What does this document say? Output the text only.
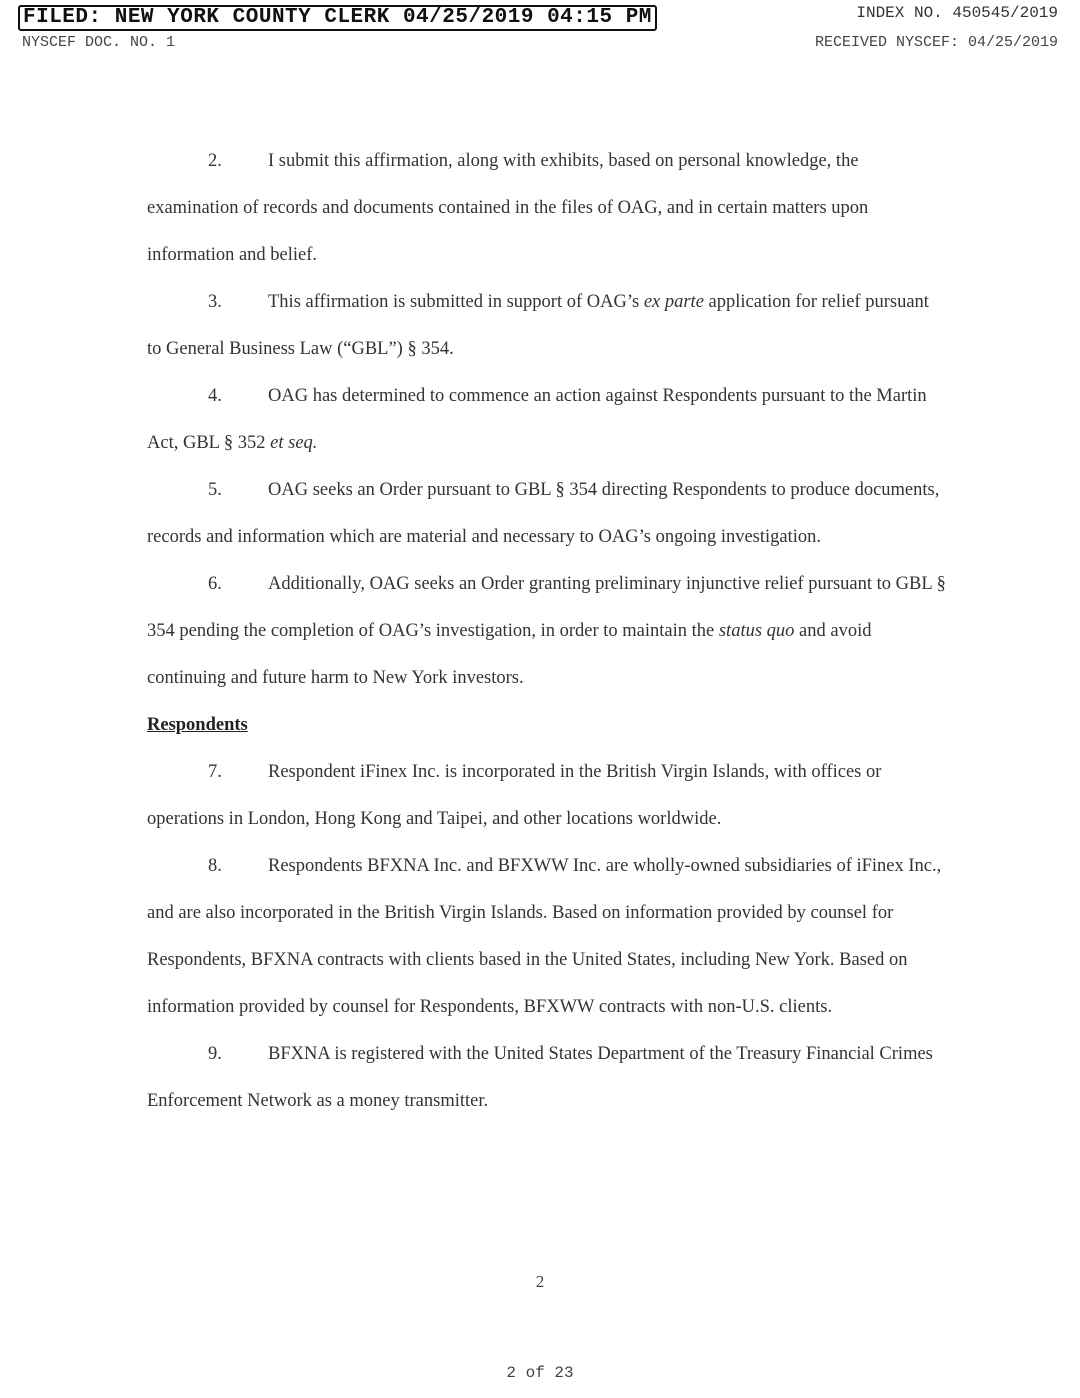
FILED: NEW YORK COUNTY CLERK 04/25/2019 04:15 PM	INDEX NO. 450545/2019
NYSCEF DOC. NO. 1	RECEIVED NYSCEF: 04/25/2019

2. I submit this affirmation, along with exhibits, based on personal knowledge, the examination of records and documents contained in the files of OAG, and in certain matters upon information and belief.

3. This affirmation is submitted in support of OAG’s ex parte application for relief pursuant to General Business Law (“GBL”) § 354.

4. OAG has determined to commence an action against Respondents pursuant to the Martin Act, GBL § 352 et seq.

5. OAG seeks an Order pursuant to GBL § 354 directing Respondents to produce documents, records and information which are material and necessary to OAG’s ongoing investigation.

6. Additionally, OAG seeks an Order granting preliminary injunctive relief pursuant to GBL § 354 pending the completion of OAG’s investigation, in order to maintain the status quo and avoid continuing and future harm to New York investors.

Respondents

7. Respondent iFinex Inc. is incorporated in the British Virgin Islands, with offices or operations in London, Hong Kong and Taipei, and other locations worldwide.

8. Respondents BFXNA Inc. and BFXWW Inc. are wholly-owned subsidiaries of iFinex Inc., and are also incorporated in the British Virgin Islands. Based on information provided by counsel for Respondents, BFXNA contracts with clients based in the United States, including New York. Based on information provided by counsel for Respondents, BFXWW contracts with non-U.S. clients.

9. BFXNA is registered with the United States Department of the Treasury Financial Crimes Enforcement Network as a money transmitter.

2
2 of 23
